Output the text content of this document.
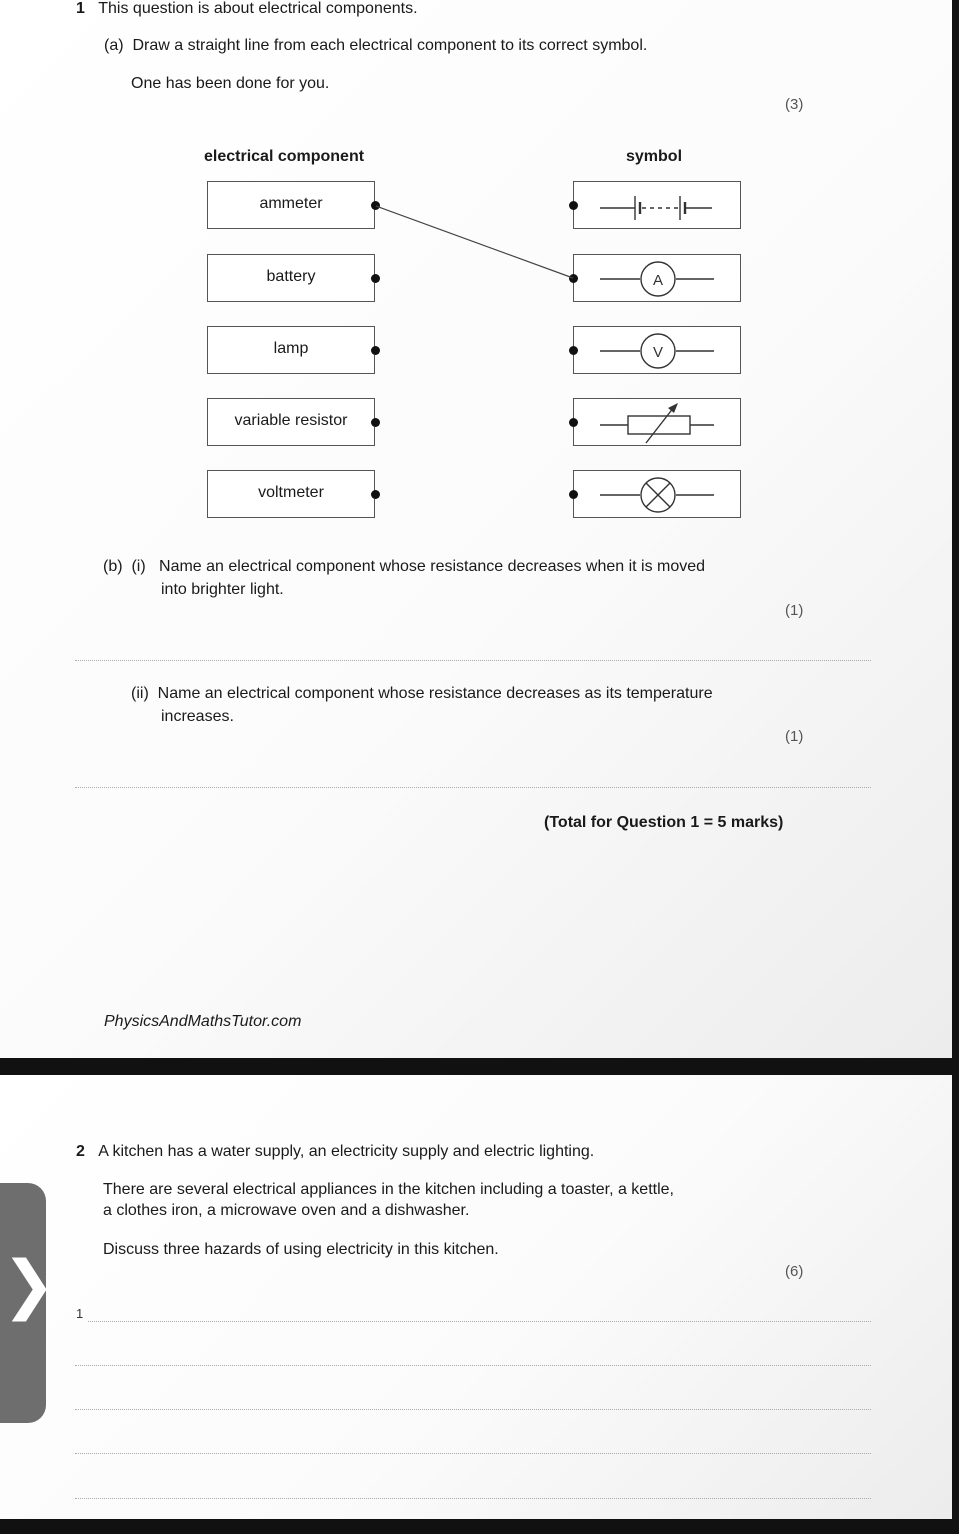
1 This question is about electrical components.
(a) Draw a straight line from each electrical component to its correct symbol.
One has been done for you.
(3)
electrical component	symbol
ammeter
battery
lamp
variable resistor
voltmeter
A
V
(b) (i) Name an electrical component whose resistance decreases when it is moved
into brighter light.
(1)
(ii) Name an electrical component whose resistance decreases as its temperature
increases.
(1)
(Total for Question 1 = 5 marks)
PhysicsAndMathsTutor.com
2 A kitchen has a water supply, an electricity supply and electric lighting.
There are several electrical appliances in the kitchen including a toaster, a kettle,
a clothes iron, a microwave oven and a dishwasher.
Discuss three hazards of using electricity in this kitchen.
(6)
1
❯
